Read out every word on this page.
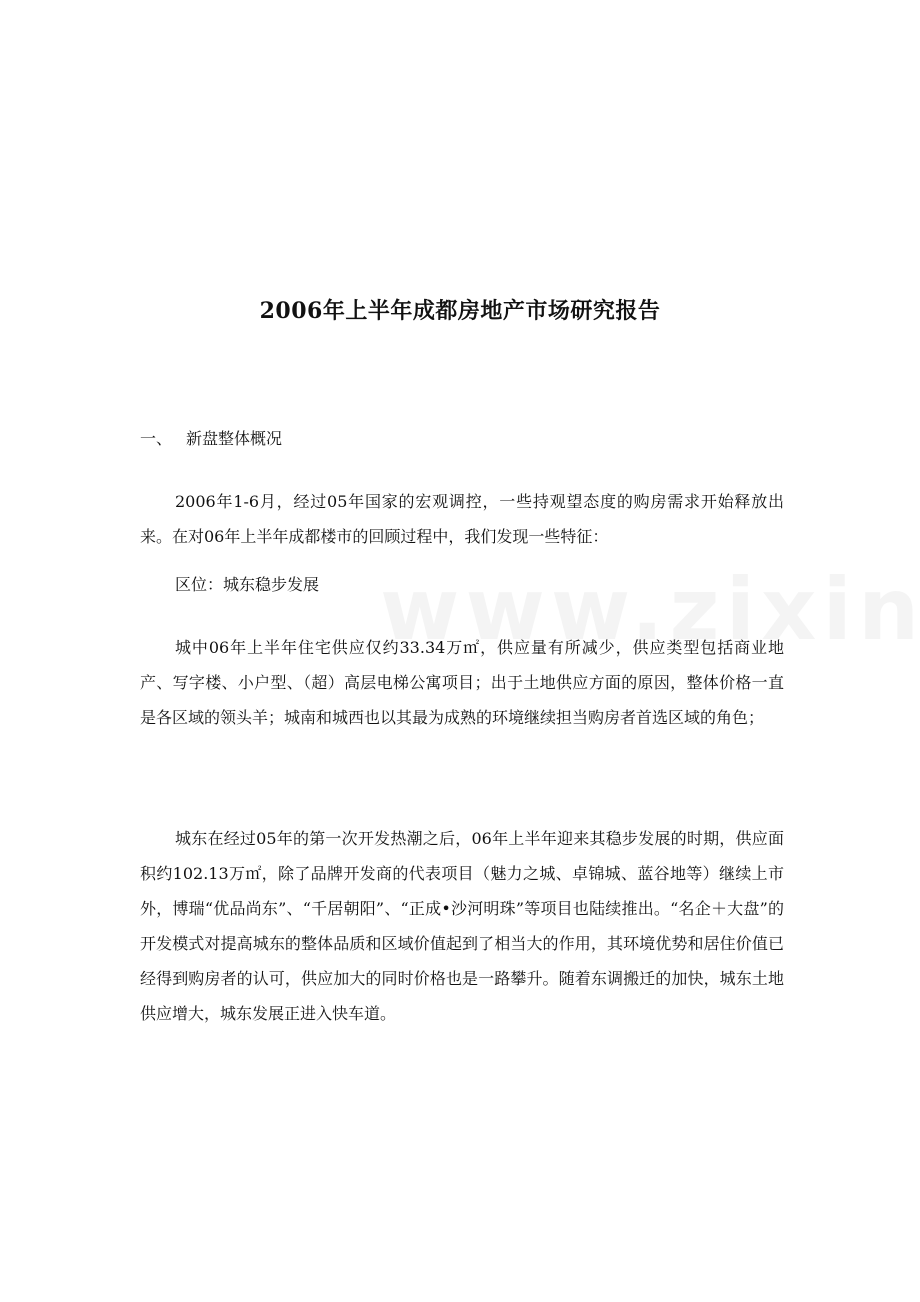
2006年上半年成都房地产市场研究报告
一、 新盘整体概况

2006年1-6月，经过05年国家的宏观调控，一些持观望态度的购房需求开始释放出来。在对06年上半年成都楼市的回顾过程中，我们发现一些特征：

区位：城东稳步发展

城中06年上半年住宅供应仅约33.34万㎡，供应量有所减少，供应类型包括商业地产、写字楼、小户型、（超）高层电梯公寓项目；出于土地供应方面的原因，整体价格一直是各区域的领头羊；城南和城西也以其最为成熟的环境继续担当购房者首选区域的角色；

城东在经过05年的第一次开发热潮之后，06年上半年迎来其稳步发展的时期，供应面积约102.13万㎡，除了品牌开发商的代表项目（魅力之城、卓锦城、蓝谷地等）继续上市外，博瑞“优品尚东”、“千居朝阳”、“正成•沙河明珠”等项目也陆续推出。“名企＋大盘”的开发模式对提高城东的整体品质和区域价值起到了相当大的作用，其环境优势和居住价值已经得到购房者的认可，供应加大的同时价格也是一路攀升。随着东调搬迁的加快，城东土地供应增大，城东发展正进入快车道。
